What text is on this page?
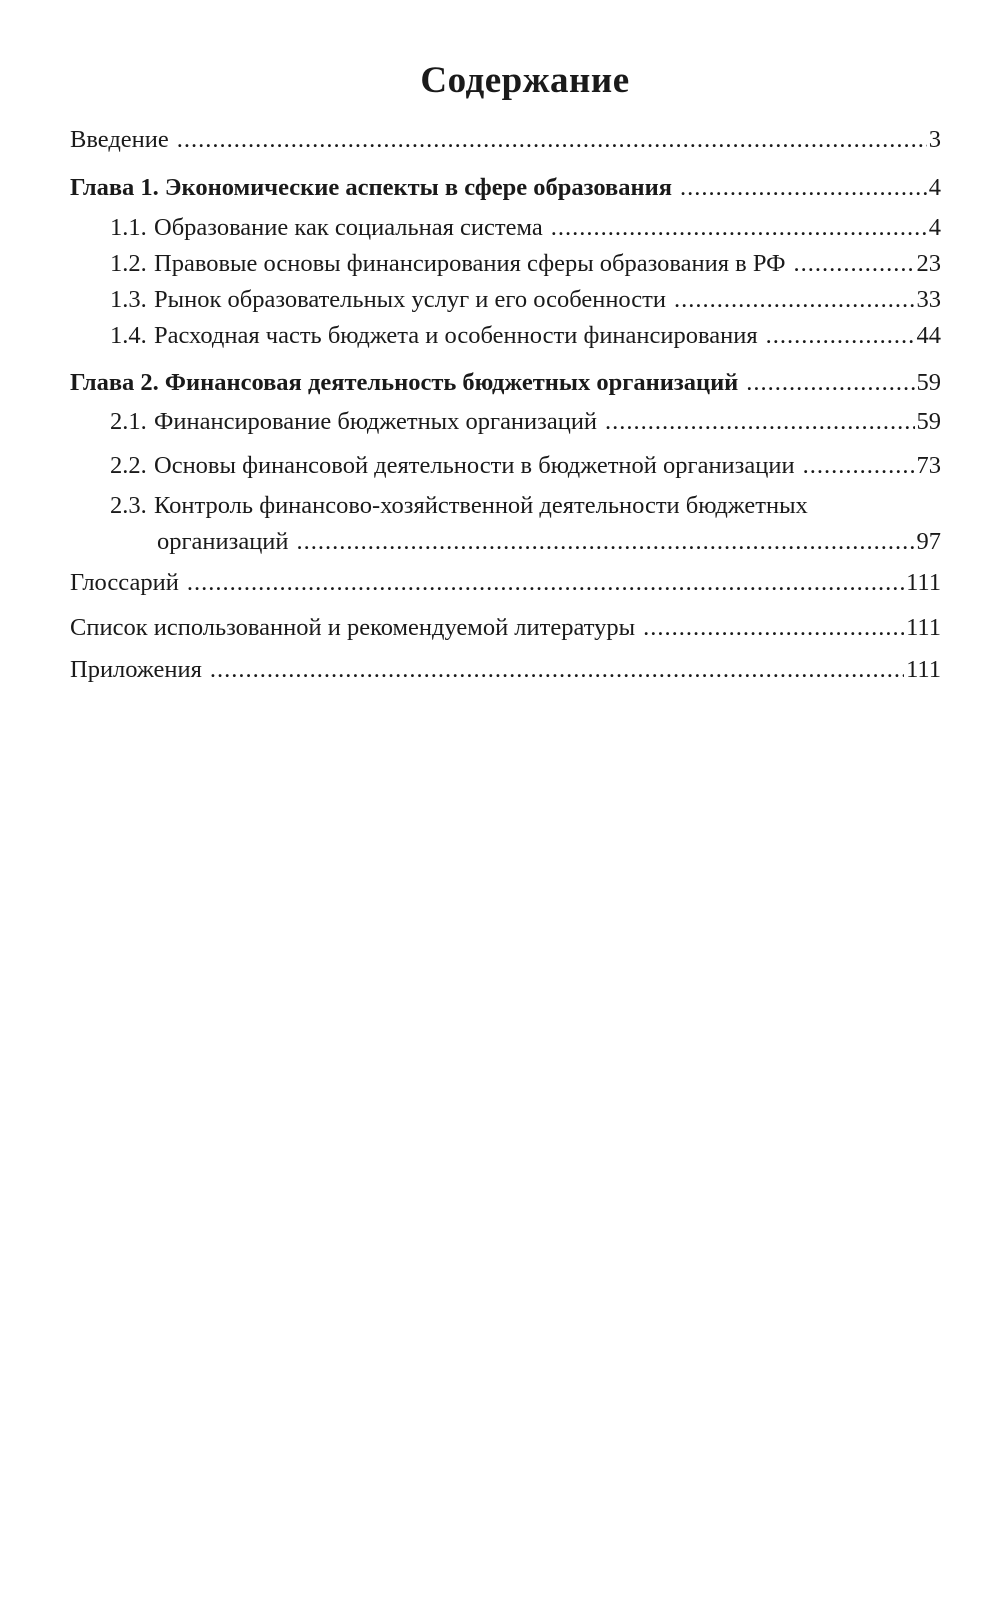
Содержание
Введение .....	3
Глава 1. Экономические аспекты в сфере образования .....	4
1.1. Образование как социальная система .....	4
1.2. Правовые основы финансирования сферы образования в РФ .....	23
1.3. Рынок образовательных услуг и его особенности .....	33
1.4. Расходная часть бюджета и особенности финансирования .....	44
Глава 2. Финансовая деятельность бюджетных организаций .....	59
2.1. Финансирование бюджетных организаций .....	59
2.2. Основы финансовой деятельности в бюджетной организации .....	73
2.3. Контроль финансово-хозяйственной деятельности бюджетных
организаций .....	97
Глоссарий .....	111
Список использованной и рекомендуемой литературы .....	111
Приложения .....	111
